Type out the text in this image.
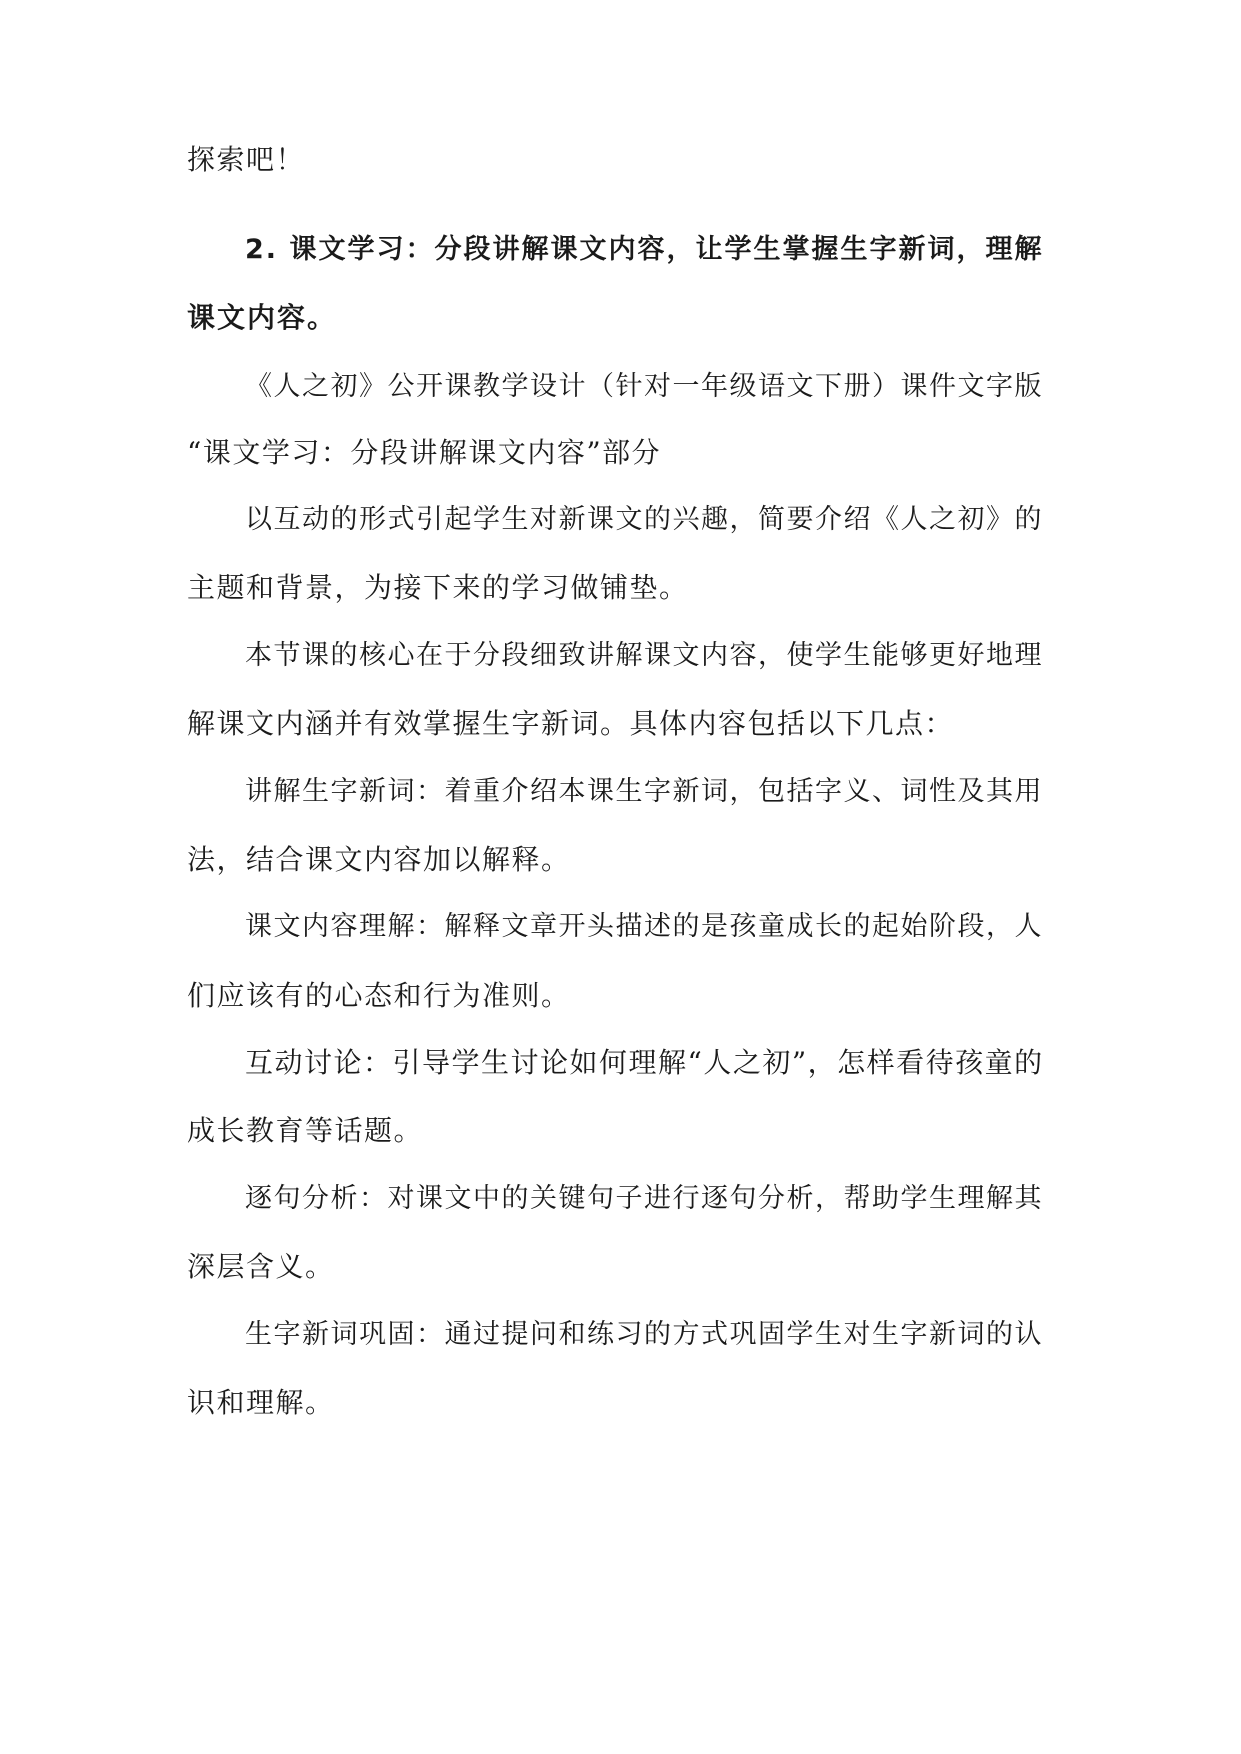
探索吧！
2. 课文学习：分段讲解课文内容，让学生掌握生字新词，理解
课文内容。
《人之初》公开课教学设计（针对一年级语文下册）课件文字版
“课文学习：分段讲解课文内容”部分
以互动的形式引起学生对新课文的兴趣，简要介绍《人之初》的
主题和背景，为接下来的学习做铺垫。
本节课的核心在于分段细致讲解课文内容，使学生能够更好地理
解课文内涵并有效掌握生字新词。具体内容包括以下几点：
讲解生字新词：着重介绍本课生字新词，包括字义、词性及其用
法，结合课文内容加以解释。
课文内容理解：解释文章开头描述的是孩童成长的起始阶段，人
们应该有的心态和行为准则。
互动讨论：引导学生讨论如何理解“人之初”，怎样看待孩童的
成长教育等话题。
逐句分析：对课文中的关键句子进行逐句分析，帮助学生理解其
深层含义。
生字新词巩固：通过提问和练习的方式巩固学生对生字新词的认
识和理解。
